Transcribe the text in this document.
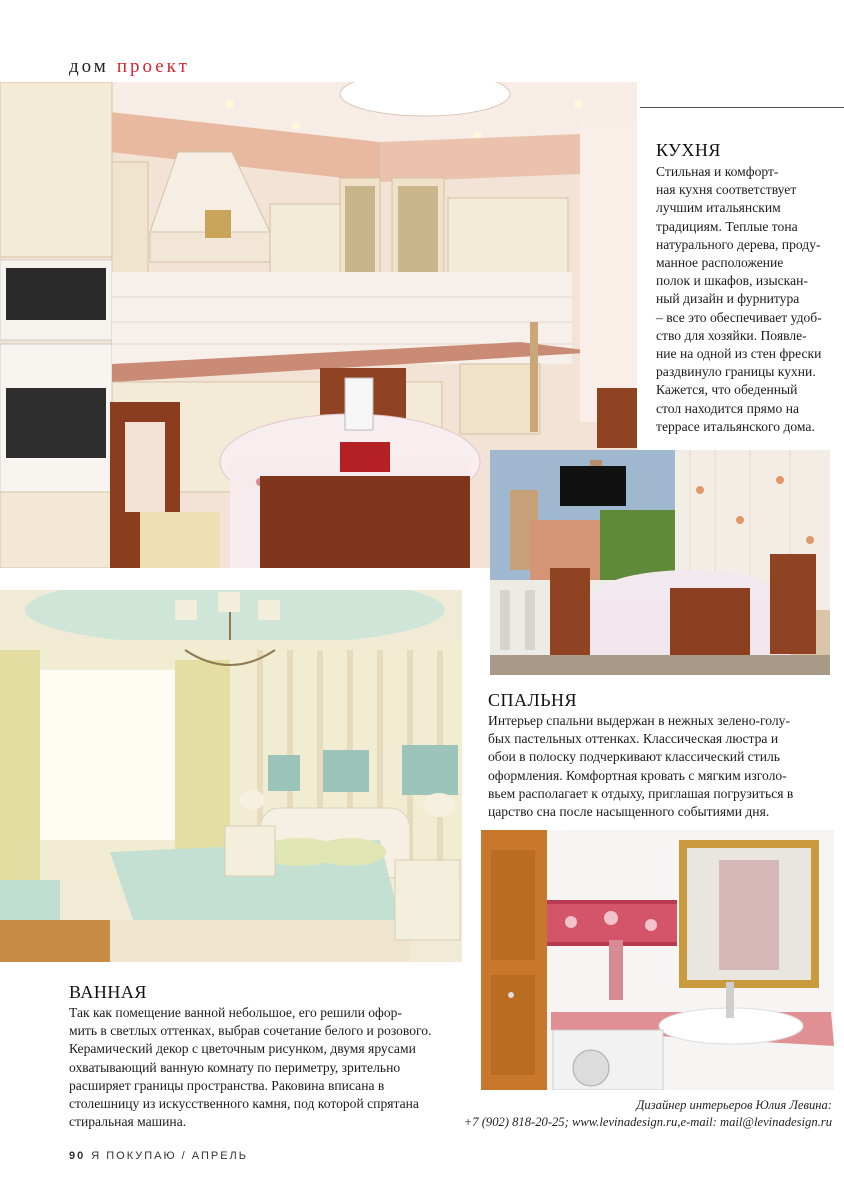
дом проект
КУХНЯ
Стильная и комфорт-
ная кухня соответствует
лучшим итальянским
традициям. Теплые тона
натурального дерева, проду-
манное расположение
полок и шкафов, изыскан-
ный дизайн и фурнитура
– все это обеспечивает удоб-
ство для хозяйки. Появле-
ние на одной из стен фрески
раздвинуло границы кухни.
Кажется, что обеденный
стол находится прямо на
террасе итальянского дома.
СПАЛЬНЯ
Интерьер спальни выдержан в нежных зелено-голу-
бых пастельных оттенках. Классическая люстра и
обои в полоску подчеркивают классический стиль
оформления. Комфортная кровать с мягким изголо-
вьем располагает к отдыху, приглашая погрузиться в
царство сна после насыщенного событиями дня.
ВАННАЯ
Так как помещение ванной небольшое, его решили офор-
мить в светлых оттенках, выбрав сочетание белого и розового.
Керамический декор с цветочным рисунком, двумя ярусами
охватывающий ванную комнату по периметру, зрительно
расширяет границы пространства. Раковина вписана в
столешницу из искусственного камня, под которой спрятана
стиральная машина.
Дизайнер интерьеров Юлия Левина:
+7 (902) 818-20-25; www.levinadesign.ru,e-mail: mail@levinadesign.ru
90 Я ПОКУПАЮ / АПРЕЛЬ
